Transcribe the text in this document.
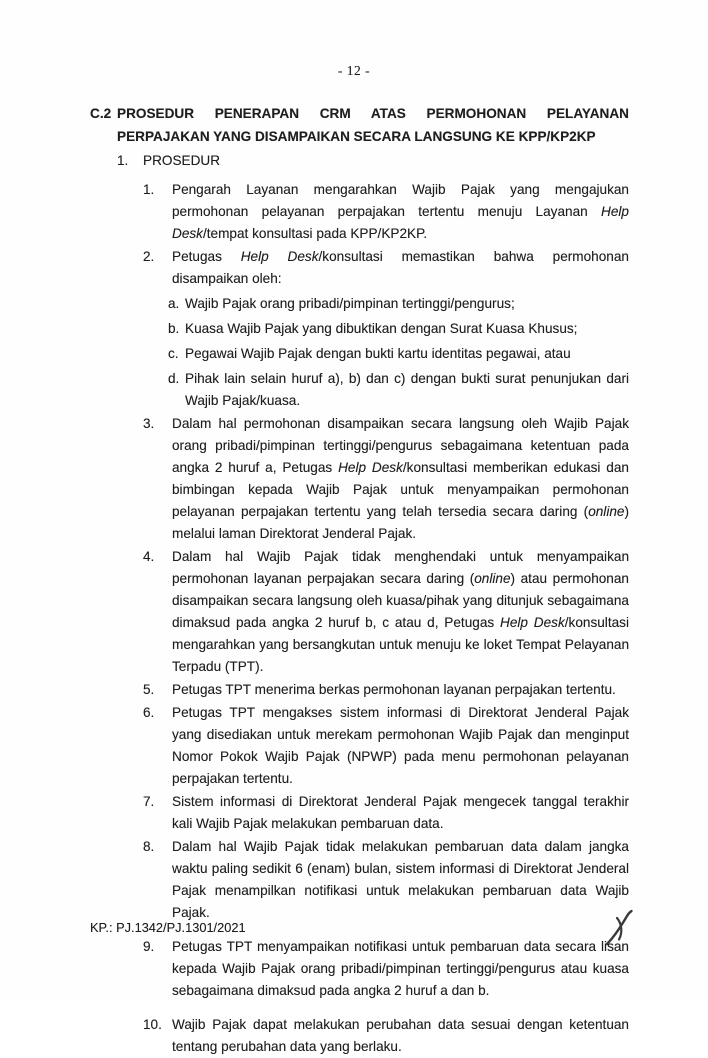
- 12 -
C.2 PROSEDUR PENERAPAN CRM ATAS PERMOHONAN PELAYANAN PERPAJAKAN YANG DISAMPAIKAN SECARA LANGSUNG KE KPP/KP2KP
1.	PROSEDUR
1.	Pengarah Layanan mengarahkan Wajib Pajak yang mengajukan permohonan pelayanan perpajakan tertentu menuju Layanan Help Desk/tempat konsultasi pada KPP/KP2KP.
2.	Petugas Help Desk/konsultasi memastikan bahwa permohonan disampaikan oleh:
a. Wajib Pajak orang pribadi/pimpinan tertinggi/pengurus;
b. Kuasa Wajib Pajak yang dibuktikan dengan Surat Kuasa Khusus;
c. Pegawai Wajib Pajak dengan bukti kartu identitas pegawai, atau
d. Pihak lain selain huruf a), b) dan c) dengan bukti surat penunjukan dari Wajib Pajak/kuasa.
3.	Dalam hal permohonan disampaikan secara langsung oleh Wajib Pajak orang pribadi/pimpinan tertinggi/pengurus sebagaimana ketentuan pada angka 2 huruf a, Petugas Help Desk/konsultasi memberikan edukasi dan bimbingan kepada Wajib Pajak untuk menyampaikan permohonan pelayanan perpajakan tertentu yang telah tersedia secara daring (online) melalui laman Direktorat Jenderal Pajak.
4.	Dalam hal Wajib Pajak tidak menghendaki untuk menyampaikan permohonan layanan perpajakan secara daring (online) atau permohonan disampaikan secara langsung oleh kuasa/pihak yang ditunjuk sebagaimana dimaksud pada angka 2 huruf b, c atau d, Petugas Help Desk/konsultasi mengarahkan yang bersangkutan untuk menuju ke loket Tempat Pelayanan Terpadu (TPT).
5.	Petugas TPT menerima berkas permohonan layanan perpajakan tertentu.
6.	Petugas TPT mengakses sistem informasi di Direktorat Jenderal Pajak yang disediakan untuk merekam permohonan Wajib Pajak dan menginput Nomor Pokok Wajib Pajak (NPWP) pada menu permohonan pelayanan perpajakan tertentu.
7.	Sistem informasi di Direktorat Jenderal Pajak mengecek tanggal terakhir kali Wajib Pajak melakukan pembaruan data.
8.	Dalam hal Wajib Pajak tidak melakukan pembaruan data dalam jangka waktu paling sedikit 6 (enam) bulan, sistem informasi di Direktorat Jenderal Pajak menampilkan notifikasi untuk melakukan pembaruan data Wajib Pajak.
9.	Petugas TPT menyampaikan notifikasi untuk pembaruan data secara lisan kepada Wajib Pajak orang pribadi/pimpinan tertinggi/pengurus atau kuasa sebagaimana dimaksud pada angka 2 huruf a dan b.
10. Wajib Pajak dapat melakukan perubahan data sesuai dengan ketentuan tentang perubahan data yang berlaku.
KP.: PJ.1342/PJ.1301/2021
